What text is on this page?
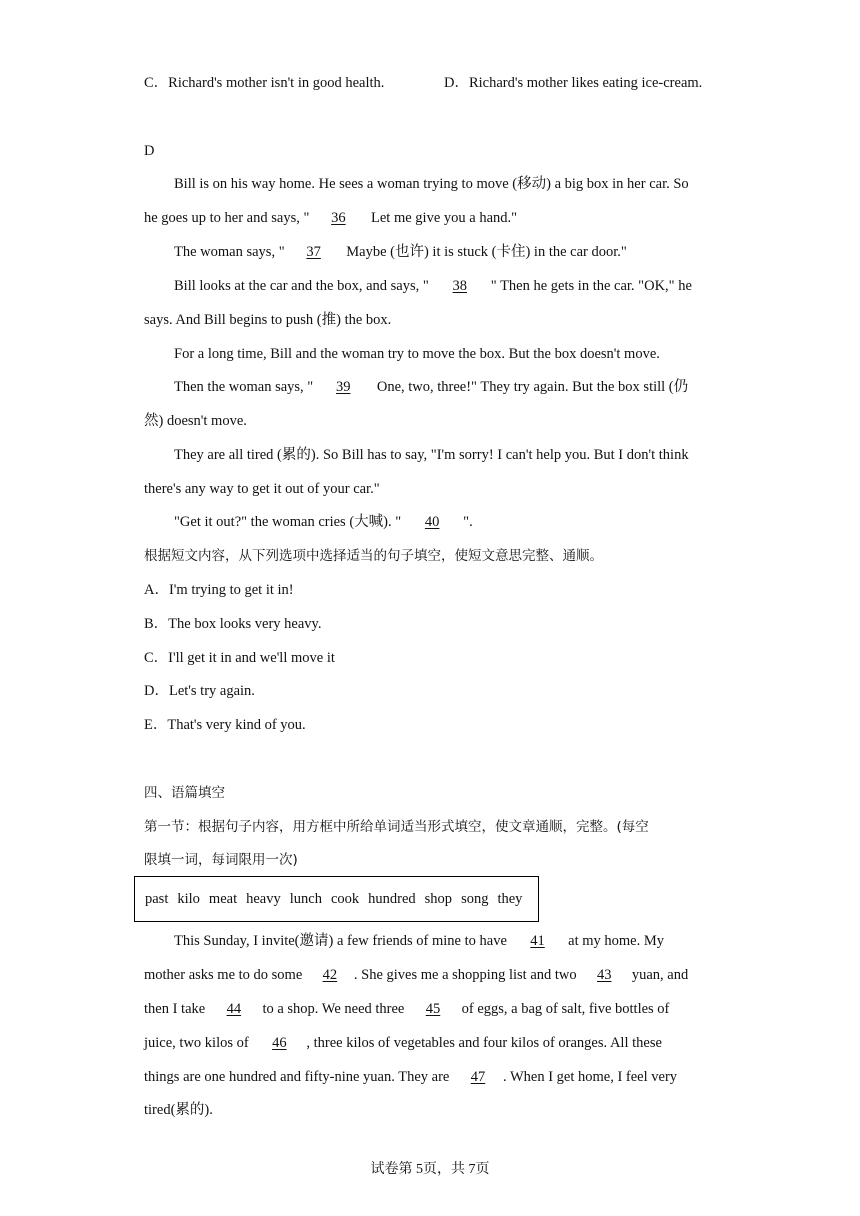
C．Richard's mother isn't in good health.	D．Richard's mother likes eating ice-cream.
D
Bill is on his way home. He sees a woman trying to move (移动) a big box in her car. So
he goes up to her and says, " 36 Let me give you a hand."
The woman says, " 37 Maybe (也许) it is stuck (卡住) in the car door."
Bill looks at the car and the box, and says, " 38 " Then he gets in the car. "OK," he
says. And Bill begins to push (推) the box.
For a long time, Bill and the woman try to move the box. But the box doesn't move.
Then the woman says, " 39 One, two, three!" They try again. But the box still (仍
然) doesn't move.
They are all tired (累的). So Bill has to say, "I'm sorry! I can't help you. But I don't think
there's any way to get it out of your car."
"Get it out?" the woman cries (大喊). " 40 ".
根据短文内容，从下列选项中选择适当的句子填空，使短文意思完整、通顺。
A．I'm trying to get it in!
B．The box looks very heavy.
C．I'll get it in and we'll move it
D．Let's try again.
E．That's very kind of you.
四、语篇填空
第一节：根据句子内容，用方框中所给单词适当形式填空，使文章通顺，完整。(每空
限填一词，每词限用一次)
past kilo meat heavy lunch cook hundred shop song they
This Sunday, I invite(邀请) a few friends of mine to have 41 at my home. My
mother asks me to do some 42 . She gives me a shopping list and two 43 yuan, and
then I take 44 to a shop. We need three 45 of eggs, a bag of salt, five bottles of
juice, two kilos of 46 , three kilos of vegetables and four kilos of oranges. All these
things are one hundred and fifty-nine yuan. They are 47 . When I get home, I feel very
tired(累的).
试卷第 5页，共 7页
